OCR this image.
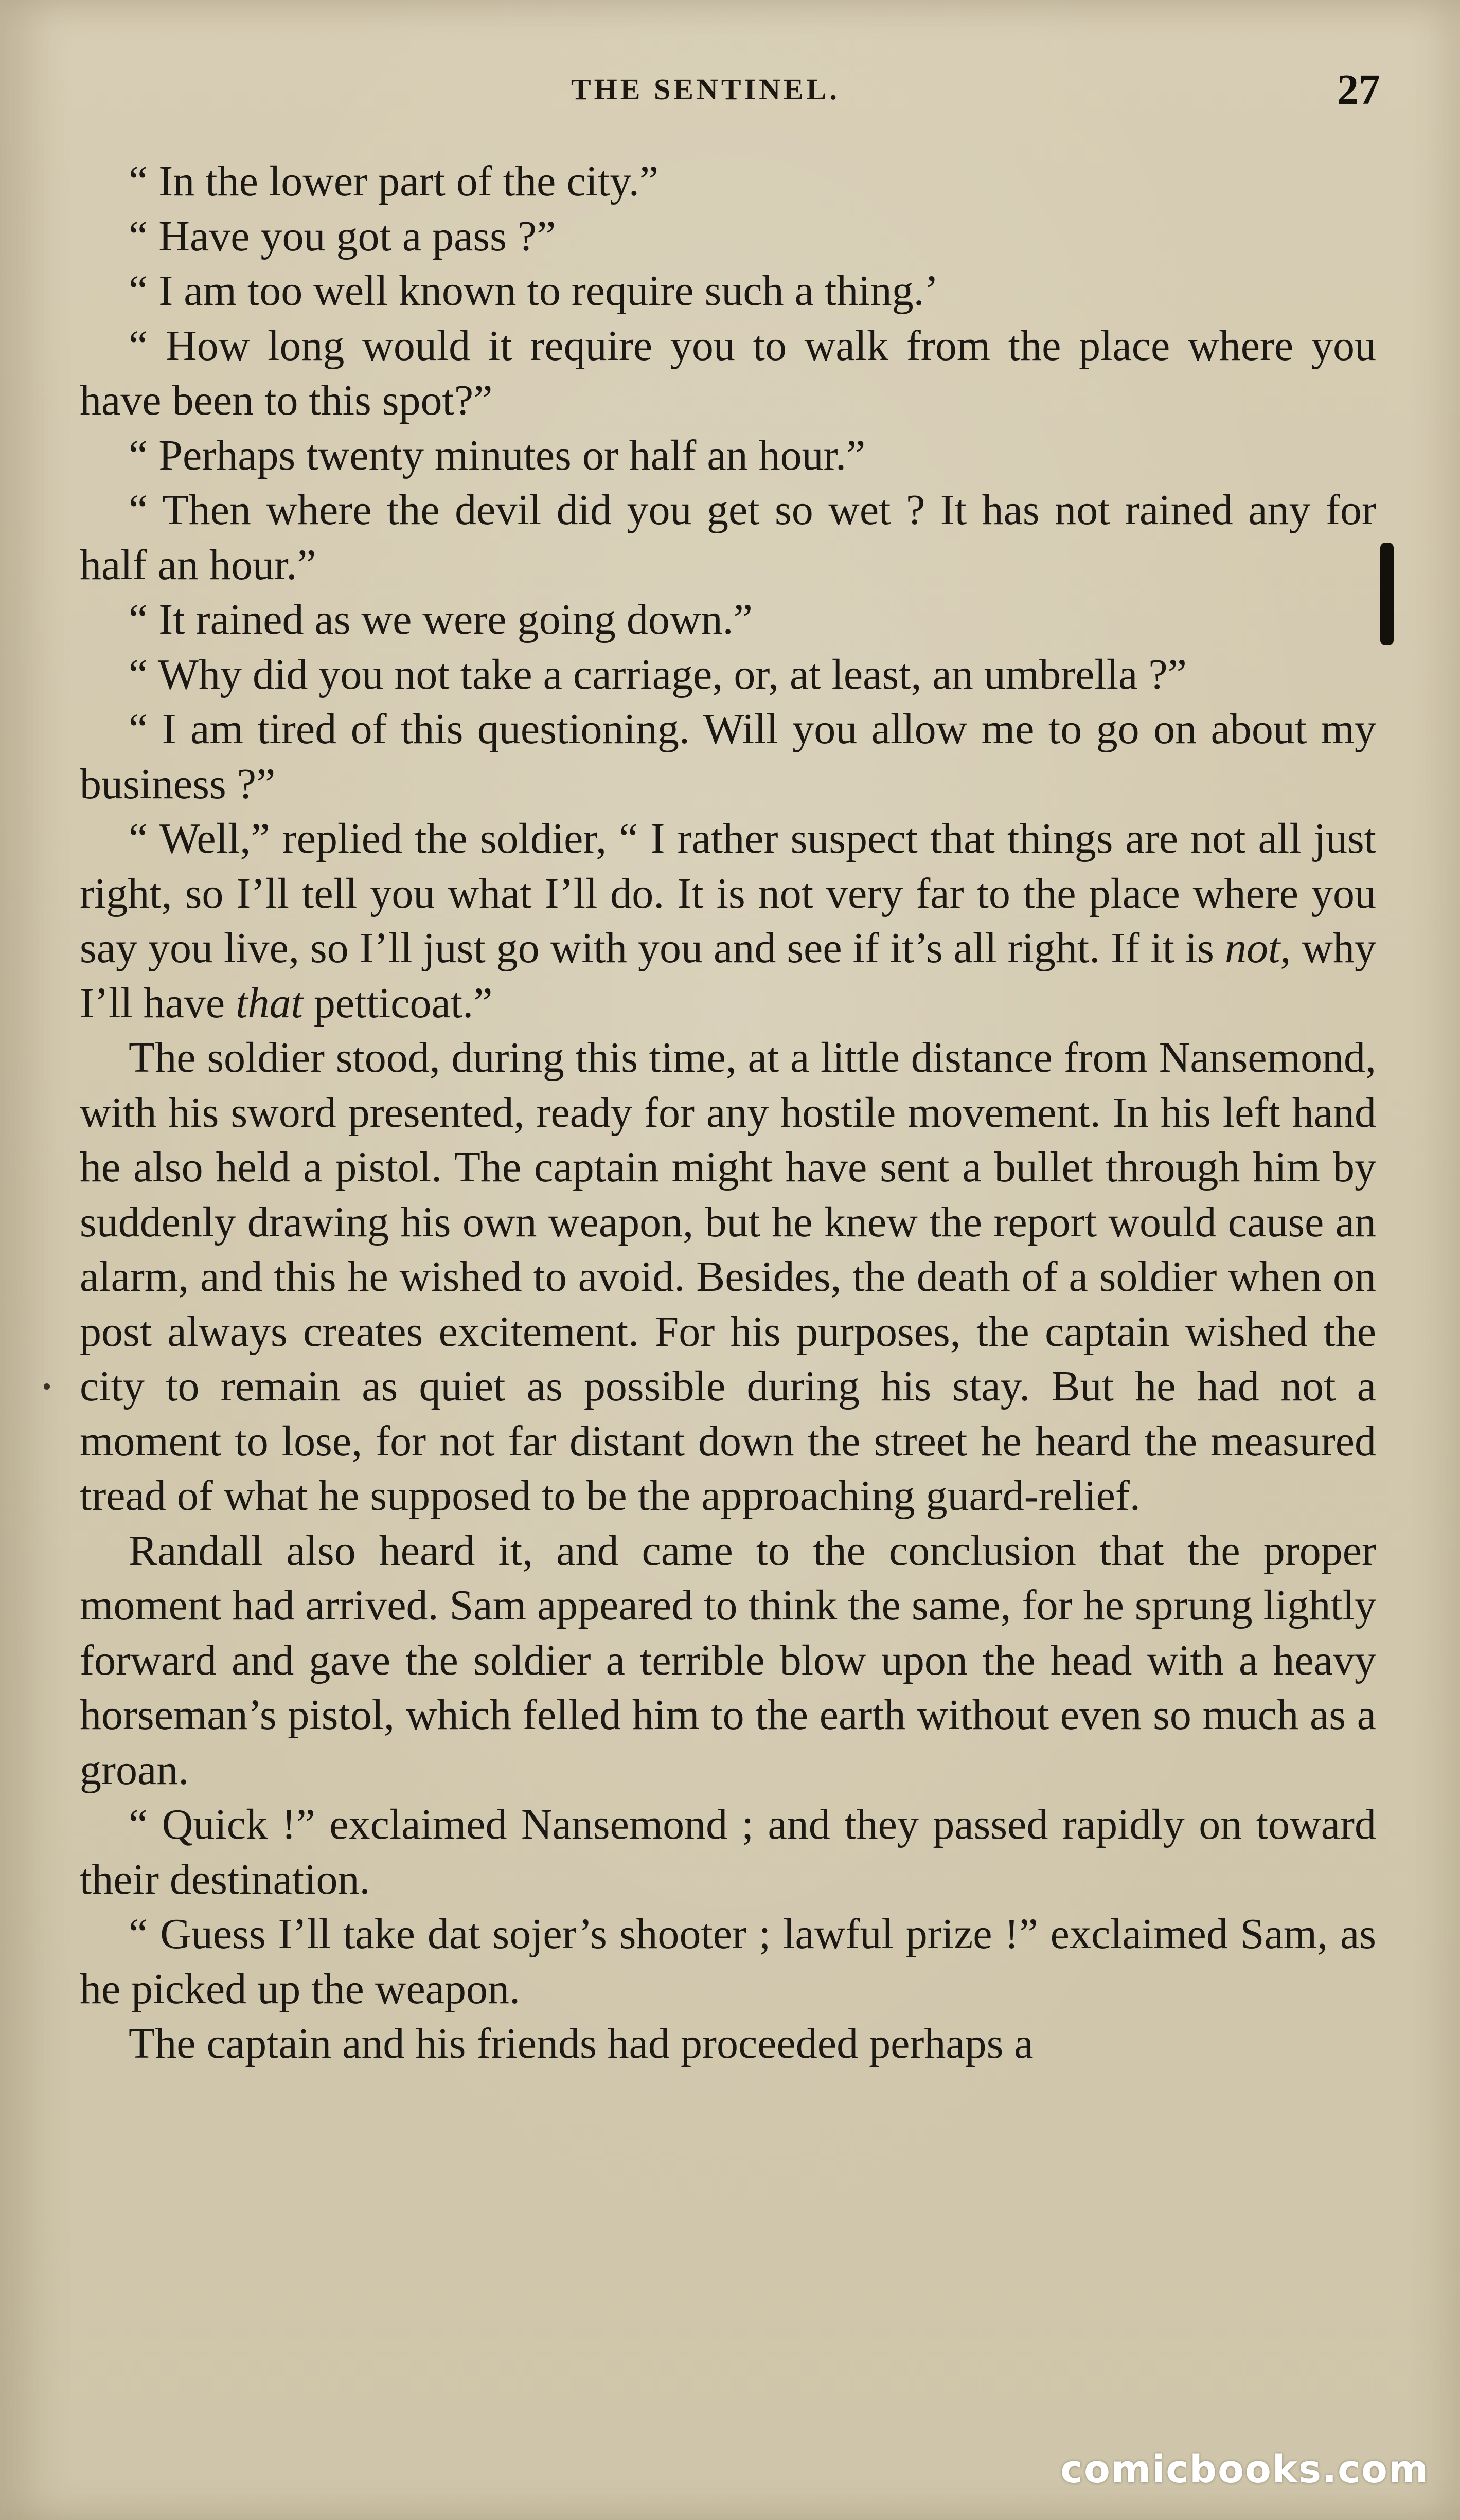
THE SENTINEL.	27

“ In the lower part of the city.”

“ Have you got a pass ?”

“ I am too well known to require such a thing.’

“ How long would it require you to walk from the place where you have been to this spot?”

“ Perhaps twenty minutes or half an hour.”

“ Then where the devil did you get so wet ? It has not rained any for half an hour.”

“ It rained as we were going down.”

“ Why did you not take a carriage, or, at least, an umbrella ?”

“ I am tired of this questioning. Will you allow me to go on about my business ?”

“ Well,” replied the soldier, “ I rather suspect that things are not all just right, so I’ll tell you what I’ll do. It is not very far to the place where you say you live, so I’ll just go with you and see if it’s all right. If it is not, why I’ll have that petticoat.”

The soldier stood, during this time, at a little distance from Nansemond, with his sword presented, ready for any hostile movement. In his left hand he also held a pistol. The captain might have sent a bullet through him by suddenly drawing his own weapon, but he knew the report would cause an alarm, and this he wished to avoid. Besides, the death of a soldier when on post always creates excitement. For his purposes, the captain wished the city to remain as quiet as possible during his stay. But he had not a moment to lose, for not far distant down the street he heard the measured tread of what he supposed to be the approaching guard-relief.

Randall also heard it, and came to the conclusion that the proper moment had arrived. Sam appeared to think the same, for he sprung lightly forward and gave the soldier a terrible blow upon the head with a heavy horseman’s pistol, which felled him to the earth without even so much as a groan.

“ Quick !” exclaimed Nansemond ; and they passed rapidly on toward their destination.

“ Guess I’ll take dat sojer’s shooter ; lawful prize !” exclaimed Sam, as he picked up the weapon.

The captain and his friends had proceeded perhaps a

comicbooks.com
